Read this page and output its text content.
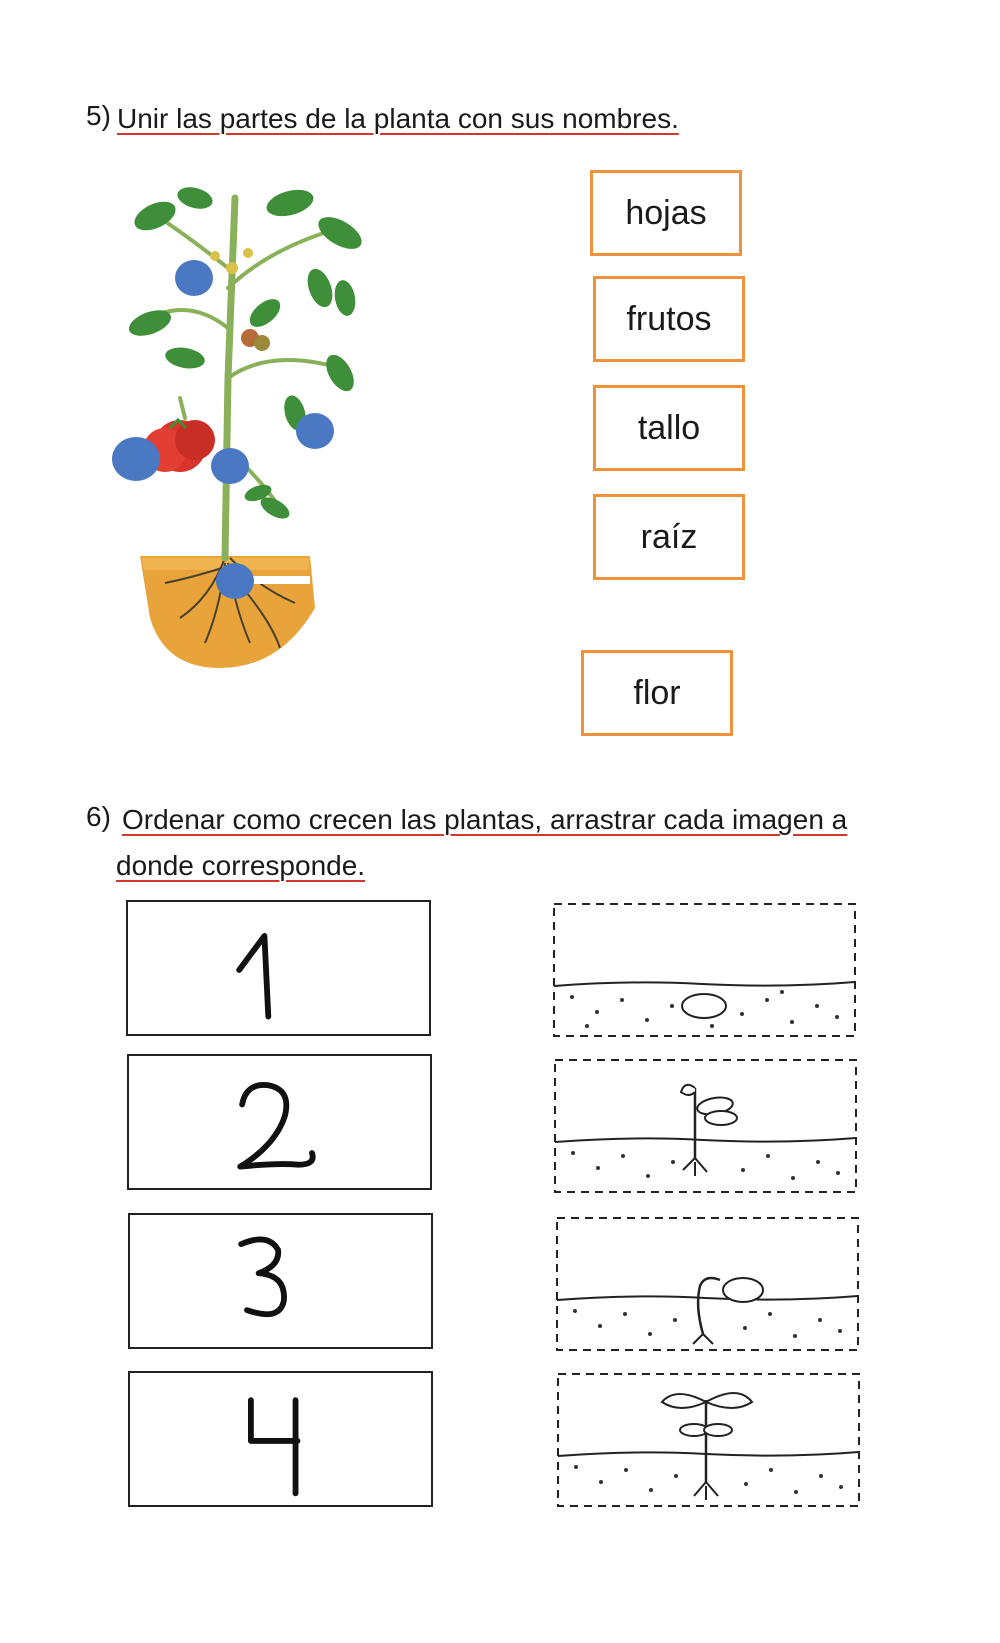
5) Unir las partes de la planta con sus nombres.
hojas
frutos
tallo
raíz
flor
6) Ordenar como crecen las plantas, arrastrar cada imagen a
donde corresponde.
